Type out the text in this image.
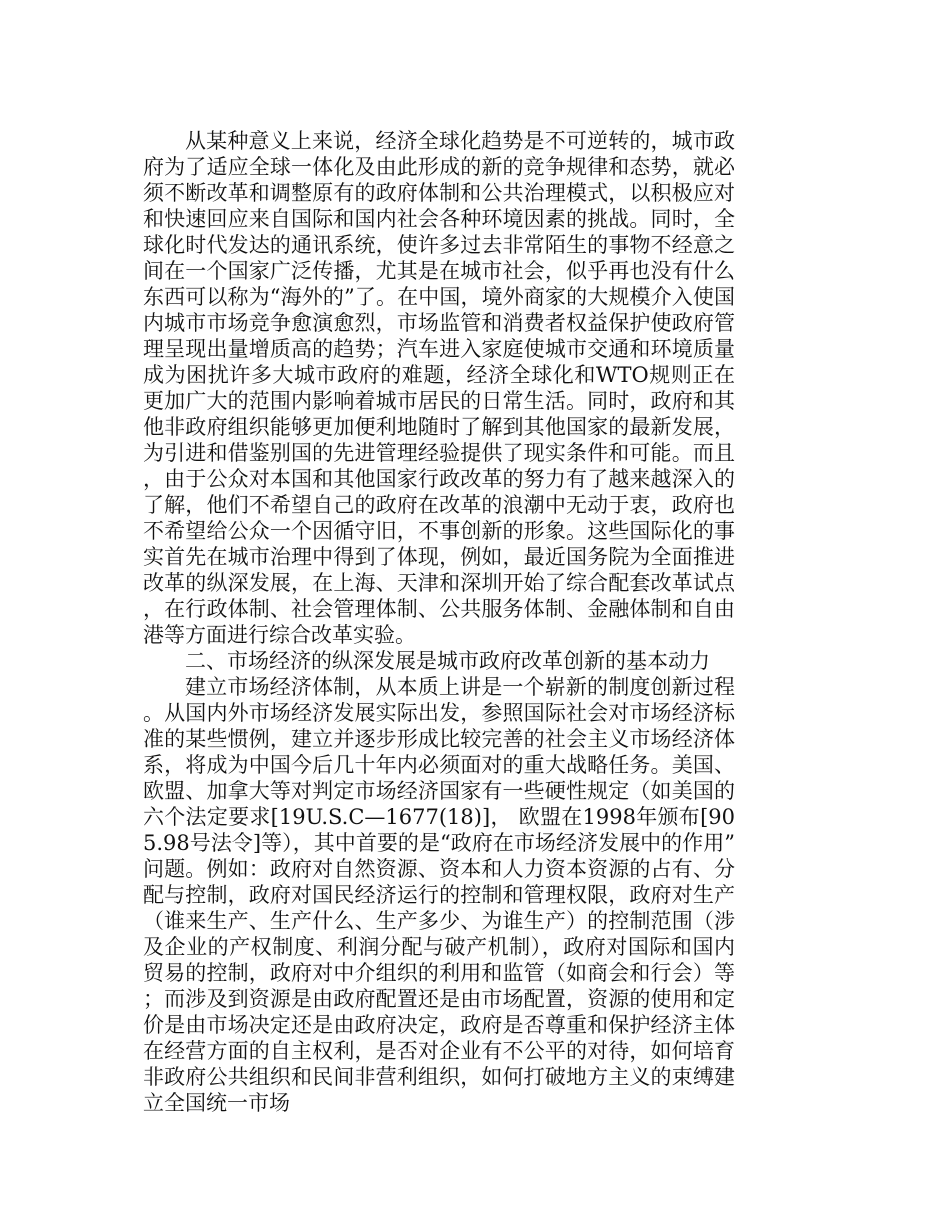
从某种意义上来说，经济全球化趋势是不可逆转的，城市政府为了适应全球一体化及由此形成的新的竞争规律和态势，就必须不断改革和调整原有的政府体制和公共治理模式，以积极应对和快速回应来自国际和国内社会各种环境因素的挑战。同时，全球化时代发达的通讯系统，使许多过去非常陌生的事物不经意之间在一个国家广泛传播，尤其是在城市社会，似乎再也没有什么东西可以称为“海外的”了。在中国，境外商家的大规模介入使国内城市市场竞争愈演愈烈，市场监管和消费者权益保护使政府管理呈现出量增质高的趋势；汽车进入家庭使城市交通和环境质量成为困扰许多大城市政府的难题，经济全球化和WTO规则正在更加广大的范围内影响着城市居民的日常生活。同时，政府和其他非政府组织能够更加便利地随时了解到其他国家的最新发展，为引进和借鉴别国的先进管理经验提供了现实条件和可能。而且，由于公众对本国和其他国家行政改革的努力有了越来越深入的了解，他们不希望自己的政府在改革的浪潮中无动于衷，政府也不希望给公众一个因循守旧，不事创新的形象。这些国际化的事实首先在城市治理中得到了体现，例如，最近国务院为全面推进改革的纵深发展，在上海、天津和深圳开始了综合配套改革试点，在行政体制、社会管理体制、公共服务体制、金融体制和自由港等方面进行综合改革实验。

二、市场经济的纵深发展是城市政府改革创新的基本动力

建立市场经济体制，从本质上讲是一个崭新的制度创新过程。从国内外市场经济发展实际出发，参照国际社会对市场经济标准的某些惯例，建立并逐步形成比较完善的社会主义市场经济体系，将成为中国今后几十年内必须面对的重大战略任务。美国、欧盟、加拿大等对判定市场经济国家有一些硬性规定（如美国的六个法定要求[19U.S.C—1677(18)]， 欧盟在1998年颁布[905.98号法令]等），其中首要的是“政府在市场经济发展中的作用”问题。例如：政府对自然资源、资本和人力资本资源的占有、分配与控制，政府对国民经济运行的控制和管理权限，政府对生产（谁来生产、生产什么、生产多少、为谁生产）的控制范围（涉及企业的产权制度、利润分配与破产机制），政府对国际和国内贸易的控制，政府对中介组织的利用和监管（如商会和行会）等；而涉及到资源是由政府配置还是由市场配置，资源的使用和定价是由市场决定还是由政府决定，政府是否尊重和保护经济主体在经营方面的自主权利，是否对企业有不公平的对待，如何培育非政府公共组织和民间非营利组织，如何打破地方主义的束缚建立全国统一市场
